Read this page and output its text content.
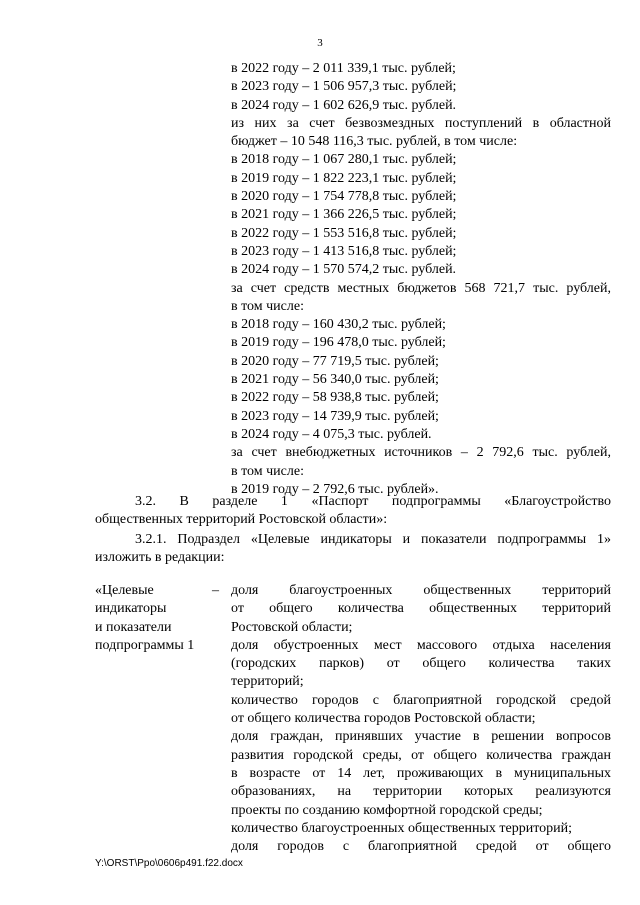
3
в 2022 году – 2 011 339,1 тыс. рублей;
в 2023 году – 1 506 957,3 тыс. рублей;
в 2024 году – 1 602 626,9 тыс. рублей.
из них за счет безвозмездных поступлений в областной
бюджет – 10 548 116,3 тыс. рублей, в том числе:
в 2018 году – 1 067 280,1 тыс. рублей;
в 2019 году – 1 822 223,1 тыс. рублей;
в 2020 году – 1 754 778,8 тыс. рублей;
в 2021 году – 1 366 226,5 тыс. рублей;
в 2022 году – 1 553 516,8 тыс. рублей;
в 2023 году – 1 413 516,8 тыс. рублей;
в 2024 году – 1 570 574,2 тыс. рублей.
за счет средств местных бюджетов 568 721,7 тыс. рублей,
в том числе:
в 2018 году – 160 430,2 тыс. рублей;
в 2019 году – 196 478,0 тыс. рублей;
в 2020 году – 77 719,5 тыс. рублей;
в 2021 году – 56 340,0 тыс. рублей;
в 2022 году – 58 938,8 тыс. рублей;
в 2023 году – 14 739,9 тыс. рублей;
в 2024 году – 4 075,3 тыс. рублей.
за счет внебюджетных источников – 2 792,6 тыс. рублей,
в том числе:
в 2019 году – 2 792,6 тыс. рублей».
3.2. В разделе 1 «Паспорт подпрограммы «Благоустройство
общественных территорий Ростовской области»:
3.2.1. Подраздел «Целевые индикаторы и показатели подпрограммы 1»
изложить в редакции:
«Целевые
индикаторы
и показатели
подпрограммы 1
– доля благоустроенных общественных территорий
от общего количества общественных территорий
Ростовской области;
доля обустроенных мест массового отдыха населения
(городских парков) от общего количества таких
территорий;
количество городов с благоприятной городской средой
от общего количества городов Ростовской области;
доля граждан, принявших участие в решении вопросов
развития городской среды, от общего количества граждан
в возрасте от 14 лет, проживающих в муниципальных
образованиях, на территории которых реализуются
проекты по созданию комфортной городской среды;
количество благоустроенных общественных территорий;
доля городов с благоприятной средой от общего
Y:\ORST\Ppo\0606p491.f22.docx
